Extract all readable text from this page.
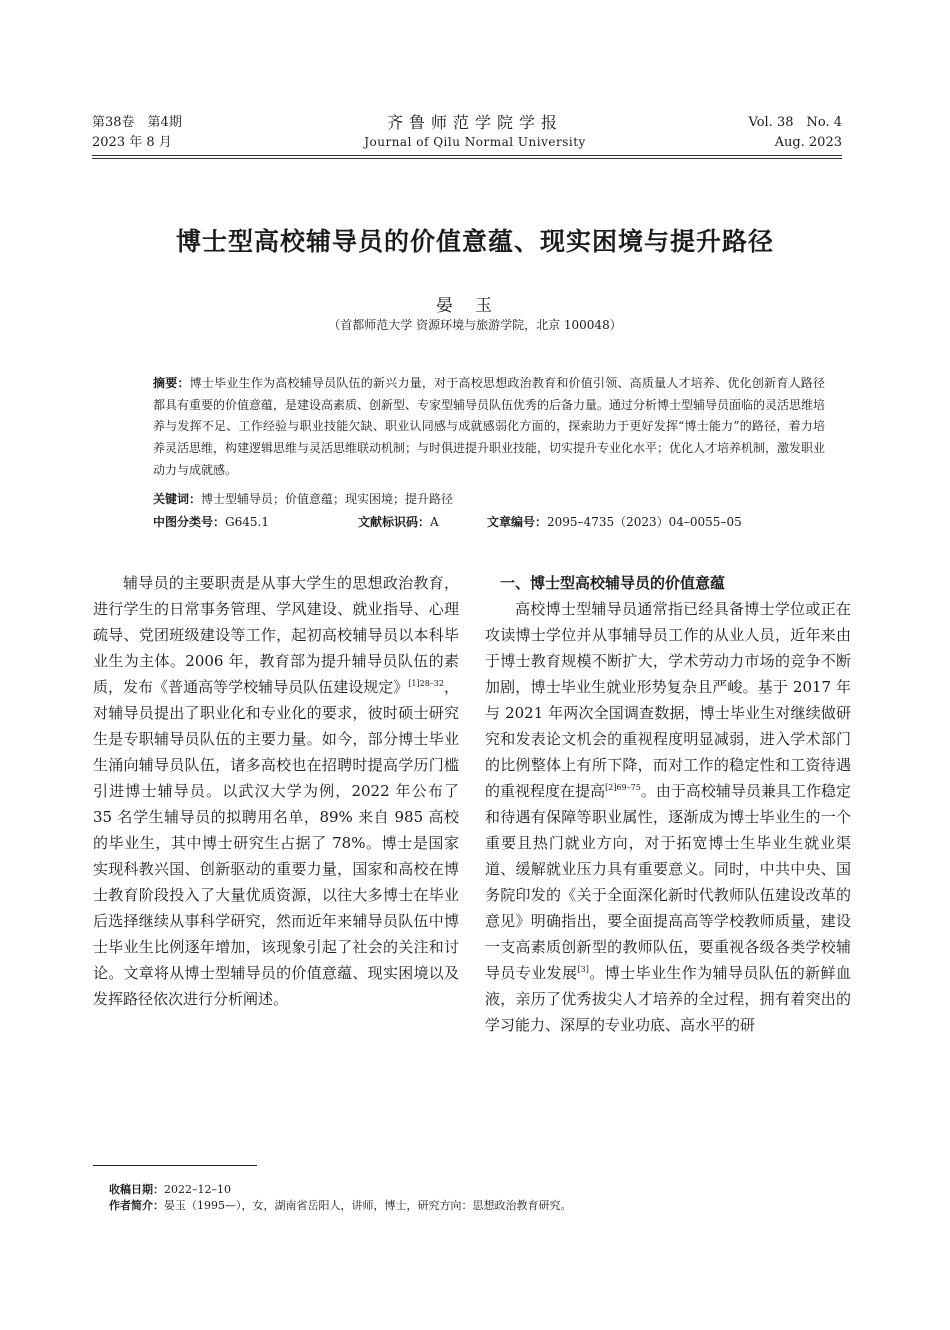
第38卷　第4期
2023 年 8 月
齐鲁师范学院学报
Journal of Qilu Normal University
Vol. 38　No. 4
Aug. 2023
博士型高校辅导员的价值意蕴、现实困境与提升路径
晏玉
（首都师范大学 资源环境与旅游学院，北京 100048）
摘要：博士毕业生作为高校辅导员队伍的新兴力量，对于高校思想政治教育和价值引领、高质量人才培养、优化创新育人路径都具有重要的价值意蕴，是建设高素质、创新型、专家型辅导员队伍优秀的后备力量。通过分析博士型辅导员面临的灵活思维培养与发挥不足、工作经验与职业技能欠缺、职业认同感与成就感弱化方面的，探索助力于更好发挥“博士能力”的路径，着力培养灵活思维，构建逻辑思维与灵活思维联动机制；与时俱进提升职业技能，切实提升专业化水平；优化人才培养机制，激发职业动力与成就感。
关键词：博士型辅导员；价值意蕴；现实困境；提升路径
中图分类号：G645.1	文献标识码：A	文章编号：2095–4735（2023）04–0055–05

辅导员的主要职责是从事大学生的思想政治教育，进行学生的日常事务管理、学风建设、就业指导、心理疏导、党团班级建设等工作，起初高校辅导员以本科毕业生为主体。2006 年，教育部为提升辅导员队伍的素质，发布《普通高等学校辅导员队伍建设规定》$^{[1]28-32}$，对辅导员提出了职业化和专业化的要求，彼时硕士研究生是专职辅导员队伍的主要力量。如今，部分博士毕业生涌向辅导员队伍，诸多高校也在招聘时提高学历门槛引进博士辅导员。以武汉大学为例，2022 年公布了 35 名学生辅导员的拟聘用名单，89% 来自 985 高校的毕业生，其中博士研究生占据了 78%。博士是国家实现科教兴国、创新驱动的重要力量，国家和高校在博士教育阶段投入了大量优质资源，以往大多博士在毕业后选择继续从事科学研究，然而近年来辅导员队伍中博士毕业生比例逐年增加，该现象引起了社会的关注和讨论。文章将从博士型辅导员的价值意蕴、现实困境以及发挥路径依次进行分析阐述。

一、博士型高校辅导员的价值意蕴

高校博士型辅导员通常指已经具备博士学位或正在攻读博士学位并从事辅导员工作的从业人员，近年来由于博士教育规模不断扩大，学术劳动力市场的竞争不断加剧，博士毕业生就业形势复杂且严峻。基于 2017 年与 2021 年两次全国调查数据，博士毕业生对继续做研究和发表论文机会的重视程度明显减弱，进入学术部门的比例整体上有所下降，而对工作的稳定性和工资待遇的重视程度在提高$^{[2]69-75}$。由于高校辅导员兼具工作稳定和待遇有保障等职业属性，逐渐成为博士毕业生的一个重要且热门就业方向，对于拓宽博士生毕业生就业渠道、缓解就业压力具有重要意义。同时，中共中央、国务院印发的《关于全面深化新时代教师队伍建设改革的意见》明确指出，要全面提高高等学校教师质量，建设一支高素质创新型的教师队伍，要重视各级各类学校辅导员专业发展[3]。博士毕业生作为辅导员队伍的新鲜血液，亲历了优秀拔尖人才培养的全过程，拥有着突出的学习能力、深厚的专业功底、高水平的研

收稿日期：2022–12–10
作者简介：晏玉（1995—），女，湖南省岳阳人，讲师，博士，研究方向：思想政治教育研究。
